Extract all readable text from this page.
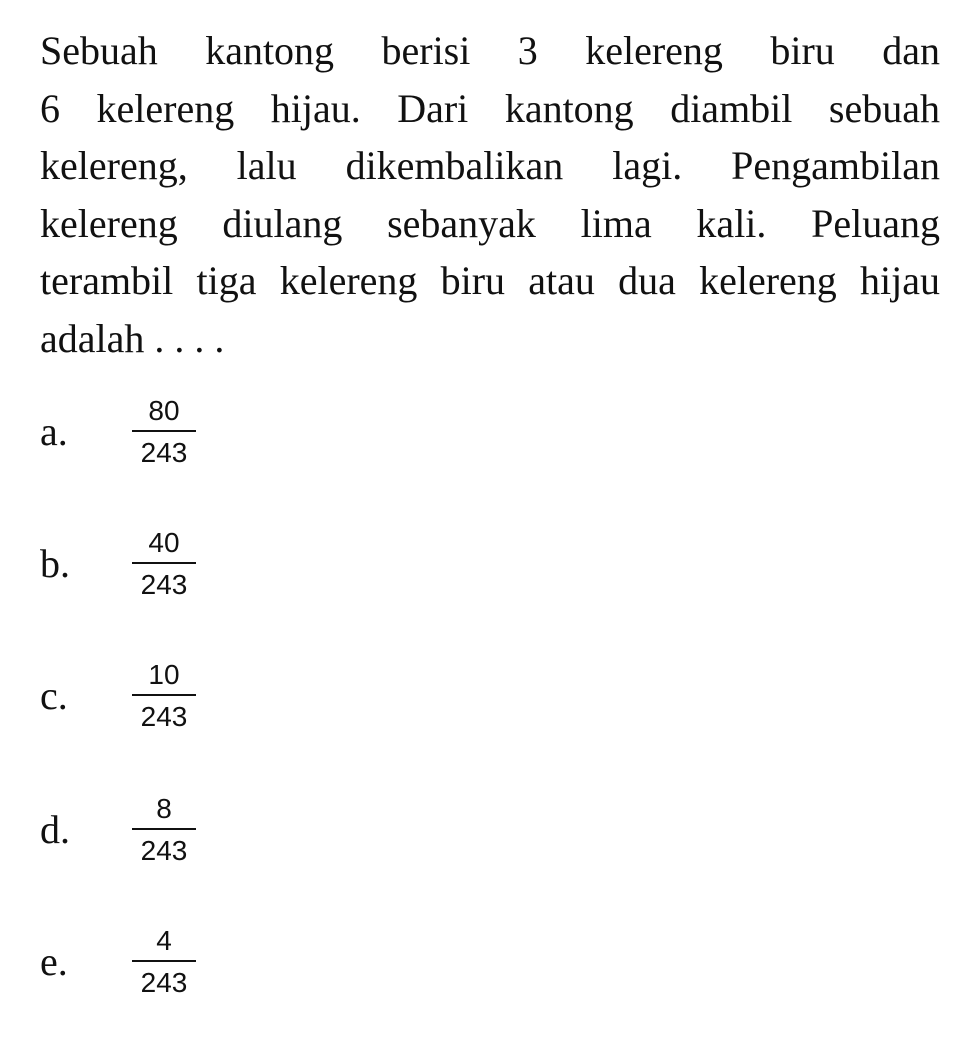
Sebuah kantong berisi 3 kelereng biru dan
6 kelereng hijau. Dari kantong diambil sebuah
kelereng, lalu dikembalikan lagi. Pengambilan
kelereng diulang sebanyak lima kali. Peluang
terambil tiga kelereng biru atau dua kelereng hijau
adalah . . . .
a.	80
243
b.	40
243
c.	10
243
d.	8
243
e.	4
243
